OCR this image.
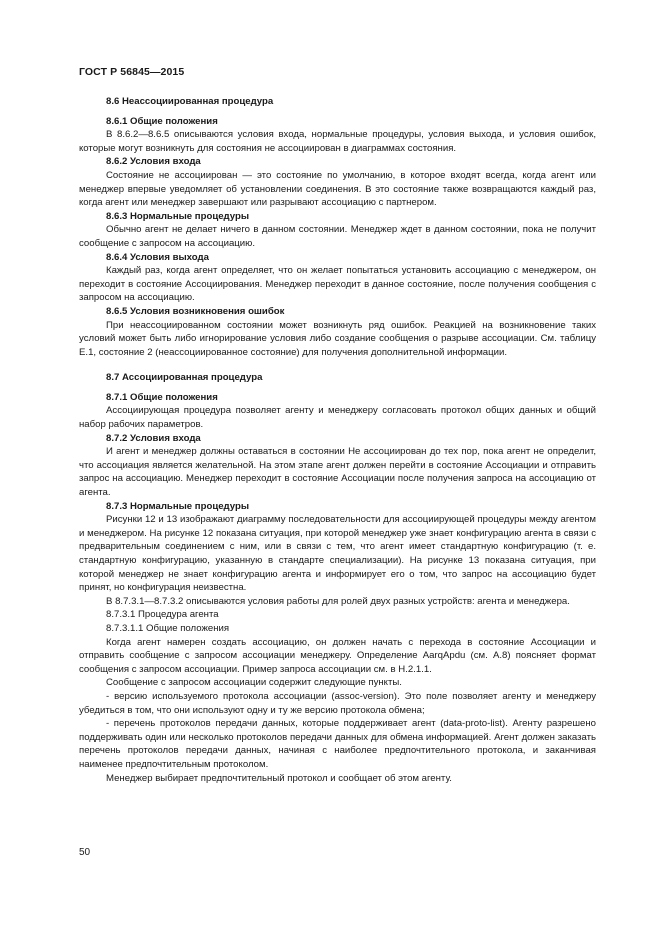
ГОСТ Р 56845—2015
8.6 Неассоциированная процедура
8.6.1 Общие положения

В 8.6.2—8.6.5 описываются условия входа, нормальные процедуры, условия выхода, и условия ошибок, которые могут возникнуть для состояния не ассоциирован в диаграммах состояния.

8.6.2 Условия входа

Состояние не ассоциирован — это состояние по умолчанию, в которое входят всегда, когда агент или менеджер впервые уведомляет об установлении соединения. В это состояние также возвращаются каждый раз, когда агент или менеджер завершают или разрывают ассоциацию с партнером.

8.6.3 Нормальные процедуры

Обычно агент не делает ничего в данном состоянии. Менеджер ждет в данном состоянии, пока не получит сообщение с запросом на ассоциацию.

8.6.4 Условия выхода

Каждый раз, когда агент определяет, что он желает попытаться установить ассоциацию с менеджером, он переходит в состояние Ассоциирования. Менеджер переходит в данное состояние, после получения сообщения с запросом на ассоциацию.

8.6.5 Условия возникновения ошибок

При неассоциированном состоянии может возникнуть ряд ошибок. Реакцией на возникновение таких условий может быть либо игнорирование условия либо создание сообщения о разрыве ассоциации. См. таблицу Е.1, состояние 2 (неассоциированное состояние) для получения дополнительной информации.

8.7 Ассоциированная процедура
8.7.1 Общие положения

Ассоциирующая процедура позволяет агенту и менеджеру согласовать протокол общих данных и общий набор рабочих параметров.

8.7.2 Условия входа

И агент и менеджер должны оставаться в состоянии Не ассоциирован до тех пор, пока агент не определит, что ассоциация является желательной. На этом этапе агент должен перейти в состояние Ассоциации и отправить запрос на ассоциацию. Менеджер переходит в состояние Ассоциации после получения запроса на ассоциацию от агента.

8.7.3 Нормальные процедуры

Рисунки 12 и 13 изображают диаграмму последовательности для ассоциирующей процедуры между агентом и менеджером. На рисунке 12 показана ситуация, при которой менеджер уже знает конфигурацию агента в связи с предварительным соединением с ним, или в связи с тем, что агент имеет стандартную конфигурацию (т. е. стандартную конфигурацию, указанную в стандарте специализации). На рисунке 13 показана ситуация, при которой менеджер не знает конфигурацию агента и информирует его о том, что запрос на ассоциацию будет принят, но конфигурация неизвестна.

В 8.7.3.1—8.7.3.2 описываются условия работы для ролей двух разных устройств: агента и менеджера.

8.7.3.1 Процедура агента
8.7.3.1.1 Общие положения

Когда агент намерен создать ассоциацию, он должен начать с перехода в состояние Ассоциации и отправить сообщение с запросом ассоциации менеджеру. Определение AarqApdu (см. А.8) поясняет формат сообщения с запросом ассоциации. Пример запроса ассоциации см. в Н.2.1.1.

Сообщение с запросом ассоциации содержит следующие пункты.

- версию используемого протокола ассоциации (assoc-version). Это поле позволяет агенту и менеджеру убедиться в том, что они используют одну и ту же версию протокола обмена;

- перечень протоколов передачи данных, которые поддерживает агент (data-proto-list). Агенту разрешено поддерживать один или несколько протоколов передачи данных для обмена информацией. Агент должен заказать перечень протоколов передачи данных, начиная с наиболее предпочтительного протокола, и заканчивая наименее предпочтительным протоколом.

Менеджер выбирает предпочтительный протокол и сообщает об этом агенту.

50
